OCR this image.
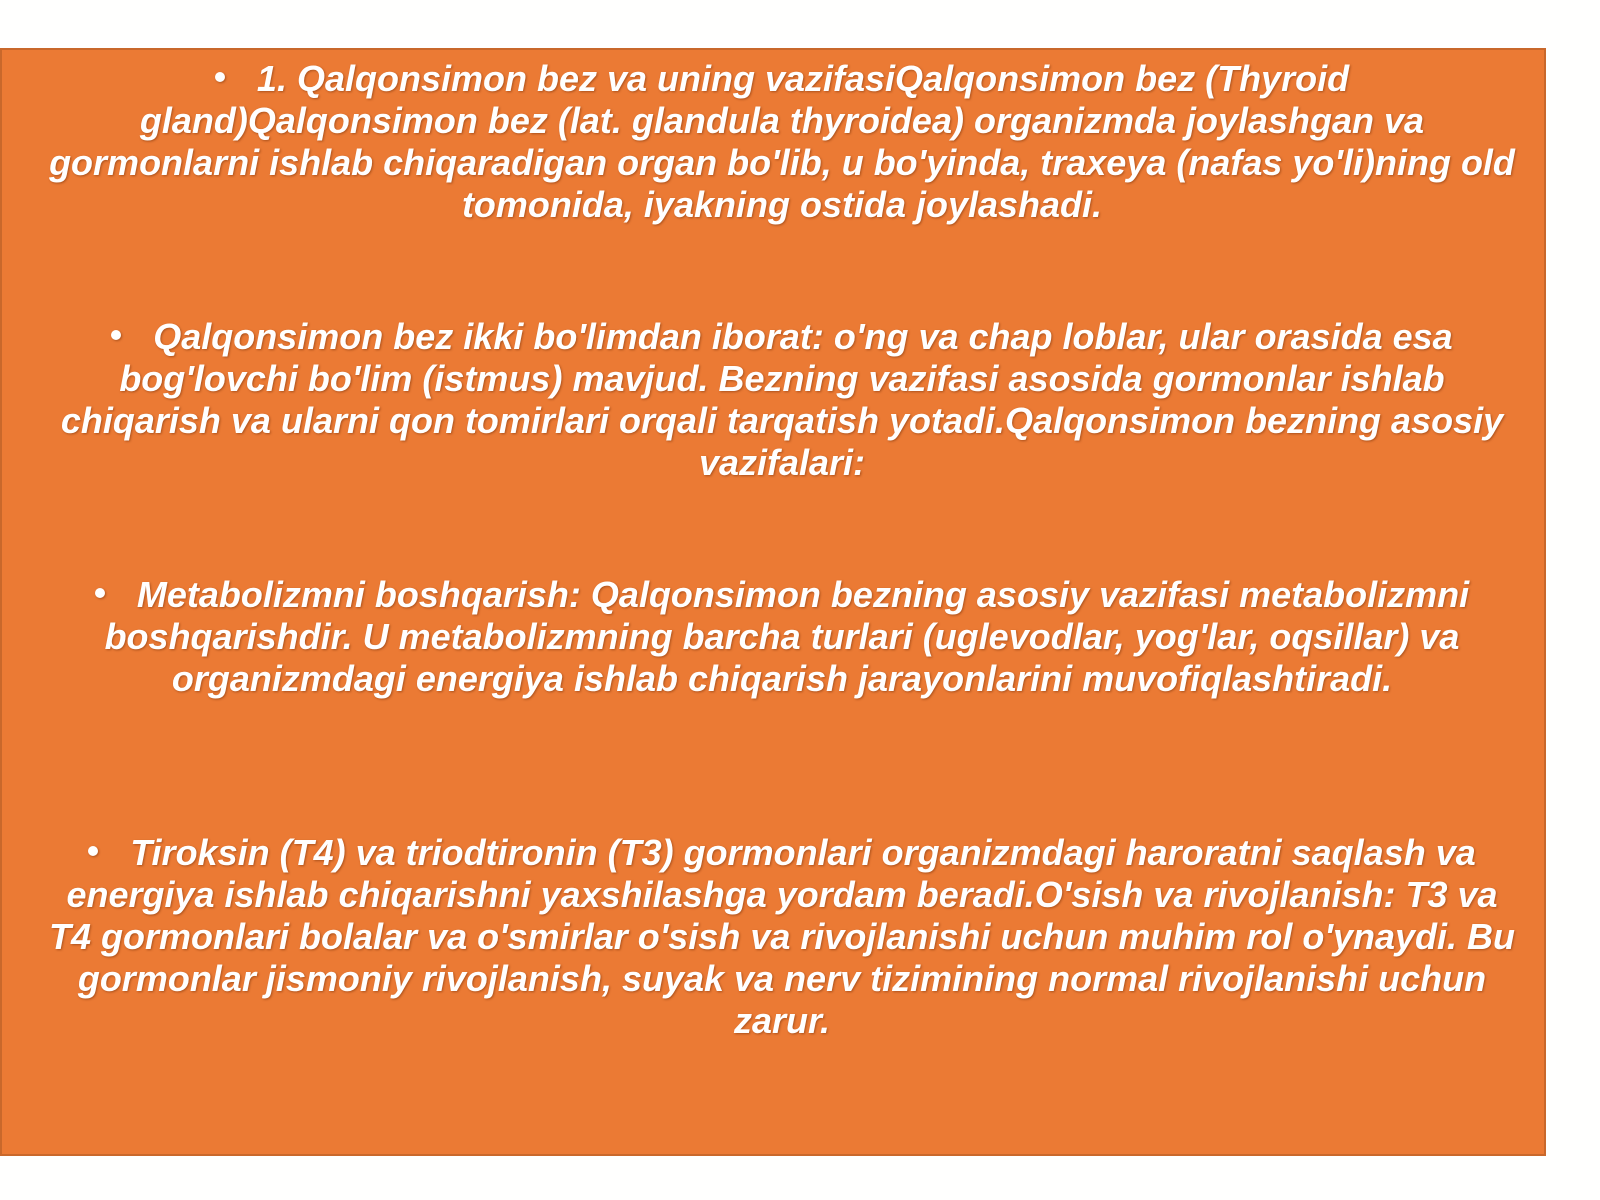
1. Qalqonsimon bez va uning vazifasiQalqonsimon bez (Thyroid gland)Qalqonsimon bez (lat. glandula thyroidea) organizmda joylashgan va gormonlarni ishlab chiqaradigan organ bo'lib, u bo'yinda, traxeya (nafas yo'li)ning old tomonida, iyakning ostida joylashadi.
Qalqonsimon bez ikki bo'limdan iborat: o'ng va chap loblar, ular orasida esa bog'lovchi bo'lim (istmus) mavjud. Bezning vazifasi asosida gormonlar ishlab chiqarish va ularni qon tomirlari orqali tarqatish yotadi.Qalqonsimon bezning asosiy vazifalari:
Metabolizmni boshqarish: Qalqonsimon bezning asosiy vazifasi metabolizmni boshqarishdir. U metabolizmning barcha turlari (uglevodlar, yog'lar, oqsillar) va organizmdagi energiya ishlab chiqarish jarayonlarini muvofiqlashtiradi.
Tiroksin (T4) va triodtironin (T3) gormonlari organizmdagi haroratni saqlash va energiya ishlab chiqarishni yaxshilashga yordam beradi.O'sish va rivojlanish: T3 va T4 gormonlari bolalar va o'smirlar o'sish va rivojlanishi uchun muhim rol o'ynaydi. Bu gormonlar jismoniy rivojlanish, suyak va nerv tizimining normal rivojlanishi uchun zarur.
